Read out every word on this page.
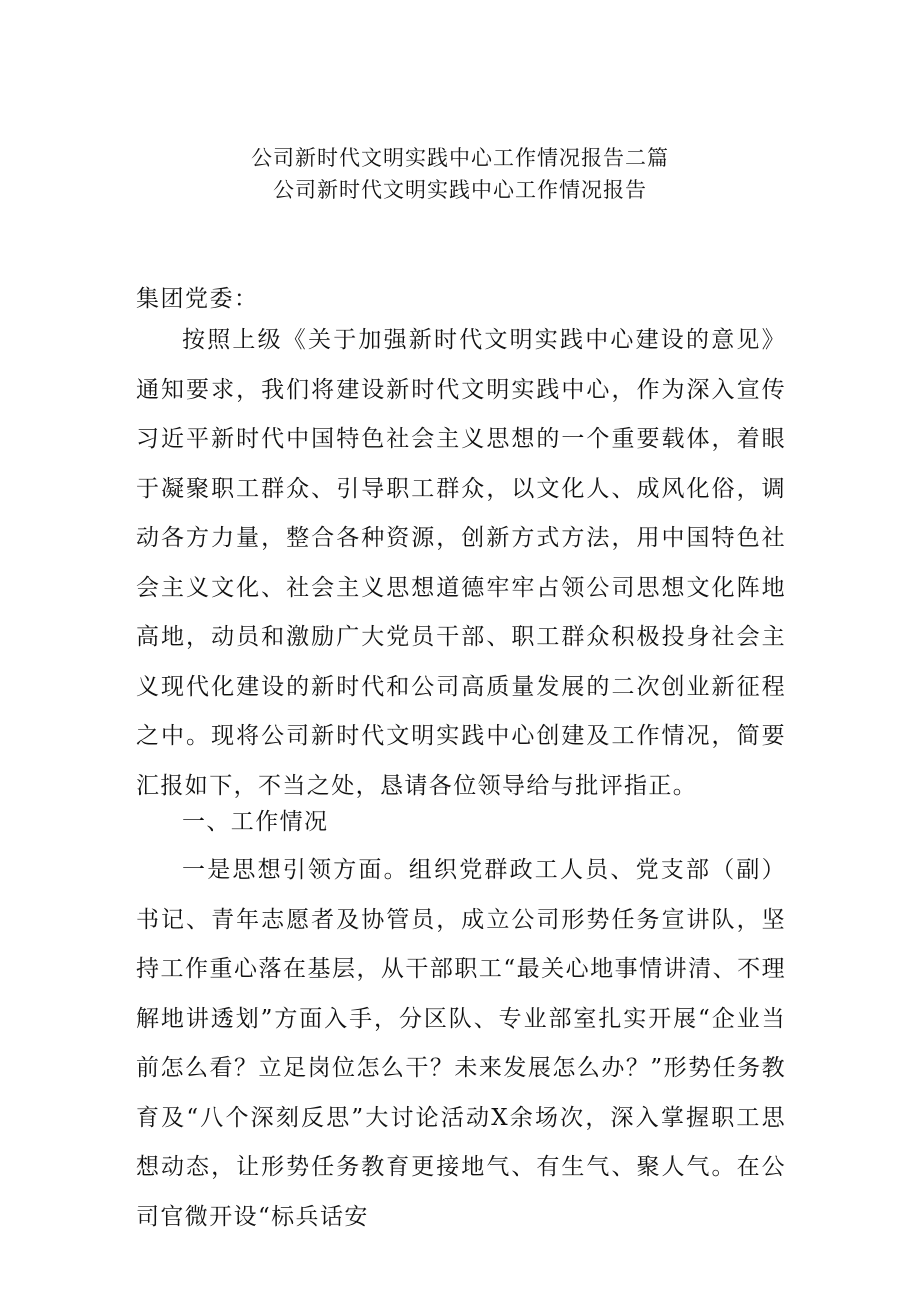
公司新时代文明实践中心工作情况报告二篇
公司新时代文明实践中心工作情况报告
集团党委：

按照上级《关于加强新时代文明实践中心建设的意见》通知要求，我们将建设新时代文明实践中心，作为深入宣传习近平新时代中国特色社会主义思想的一个重要载体，着眼于凝聚职工群众、引导职工群众，以文化人、成风化俗，调动各方力量，整合各种资源，创新方式方法，用中国特色社会主义文化、社会主义思想道德牢牢占领公司思想文化阵地高地，动员和激励广大党员干部、职工群众积极投身社会主义现代化建设的新时代和公司高质量发展的二次创业新征程之中。现将公司新时代文明实践中心创建及工作情况，简要汇报如下，不当之处，恳请各位领导给与批评指正。

一、工作情况

一是思想引领方面。组织党群政工人员、党支部（副）书记、青年志愿者及协管员，成立公司形势任务宣讲队，坚持工作重心落在基层，从干部职工“最关心地事情讲清、不理解地讲透划”方面入手，分区队、专业部室扎实开展“企业当前怎么看？立足岗位怎么干？未来发展怎么办？”形势任务教育及“八个深刻反思”大讨论活动X余场次，深入掌握职工思想动态，让形势任务教育更接地气、有生气、聚人气。在公司官微开设“标兵话安
